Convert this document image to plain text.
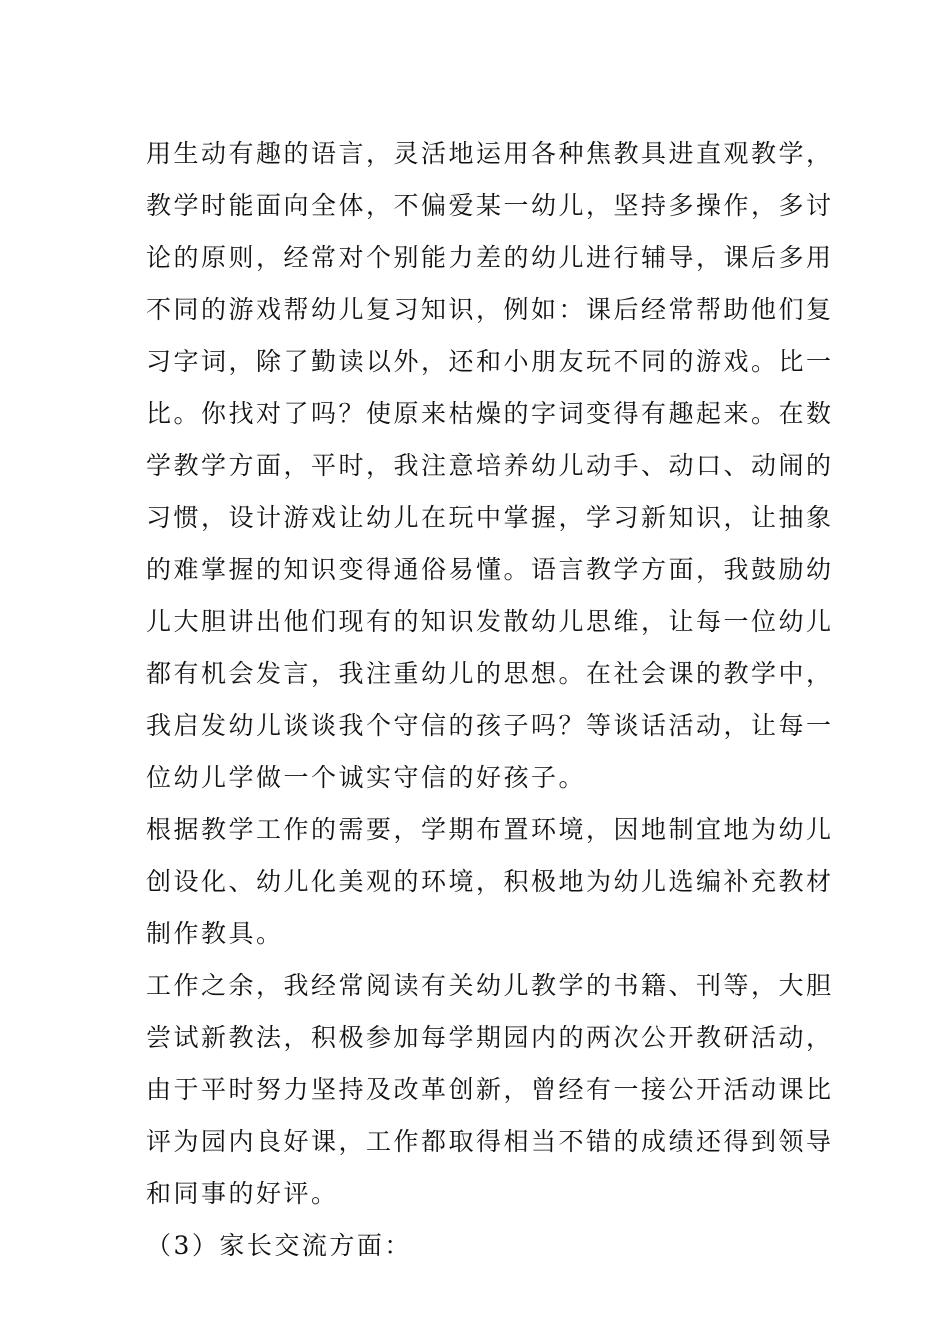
用生动有趣的语言，灵活地运用各种焦教具进直观教学，
教学时能面向全体，不偏爱某一幼儿，坚持多操作，多讨
论的原则，经常对个别能力差的幼儿进行辅导，课后多用
不同的游戏帮幼儿复习知识，例如：课后经常帮助他们复
习字词，除了勤读以外，还和小朋友玩不同的游戏。比一
比。你找对了吗？使原来枯燥的字词变得有趣起来。在数
学教学方面，平时，我注意培养幼儿动手、动口、动闹的
习惯，设计游戏让幼儿在玩中掌握，学习新知识，让抽象
的难掌握的知识变得通俗易懂。语言教学方面，我鼓励幼
儿大胆讲出他们现有的知识发散幼儿思维，让每一位幼儿
都有机会发言，我注重幼儿的思想。在社会课的教学中，
我启发幼儿谈谈我个守信的孩子吗？等谈话活动，让每一
位幼儿学做一个诚实守信的好孩子。
根据教学工作的需要，学期布置环境，因地制宜地为幼儿
创设化、幼儿化美观的环境，积极地为幼儿选编补充教材
制作教具。
工作之余，我经常阅读有关幼儿教学的书籍、刊等，大胆
尝试新教法，积极参加每学期园内的两次公开教研活动，
由于平时努力坚持及改革创新，曾经有一接公开活动课比
评为园内良好课，工作都取得相当不错的成绩还得到领导
和同事的好评。
（3）家长交流方面：
